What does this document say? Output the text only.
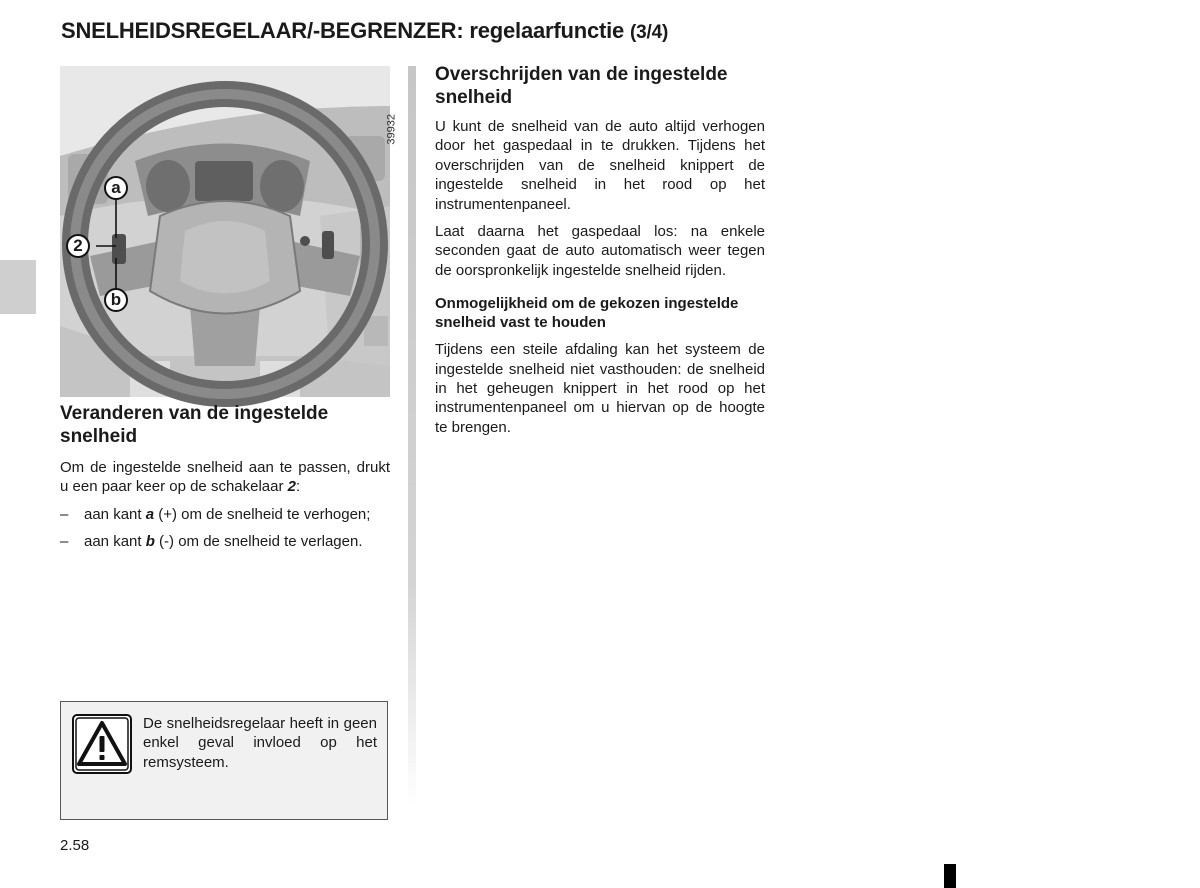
SNELHEIDSREGELAAR/-BEGRENZER: regelaarfunctie (3/4)
39932
a
2
b
Veranderen van de ingestelde snelheid

Om de ingestelde snelheid aan te passen, drukt u een paar keer op de schakelaar 2:

– aan kant a (+) om de snelheid te verhogen;
– aan kant b (-) om de snelheid te verlagen.
Overschrijden van de ingestelde snelheid

U kunt de snelheid van de auto altijd verhogen door het gaspedaal in te drukken. Tijdens het overschrijden van de snelheid knippert de ingestelde snelheid in het rood op het instrumentenpaneel.

Laat daarna het gaspedaal los: na enkele seconden gaat de auto automatisch weer tegen de oorspronkelijk ingestelde snelheid rijden.

Onmogelijkheid om de gekozen ingestelde snelheid vast te houden

Tijdens een steile afdaling kan het systeem de ingestelde snelheid niet vasthouden: de snelheid in het geheugen knippert in het rood op het instrumentenpaneel om u hiervan op de hoogte te brengen.

De snelheidsregelaar heeft in geen enkel geval invloed op het remsysteem.
2.58
